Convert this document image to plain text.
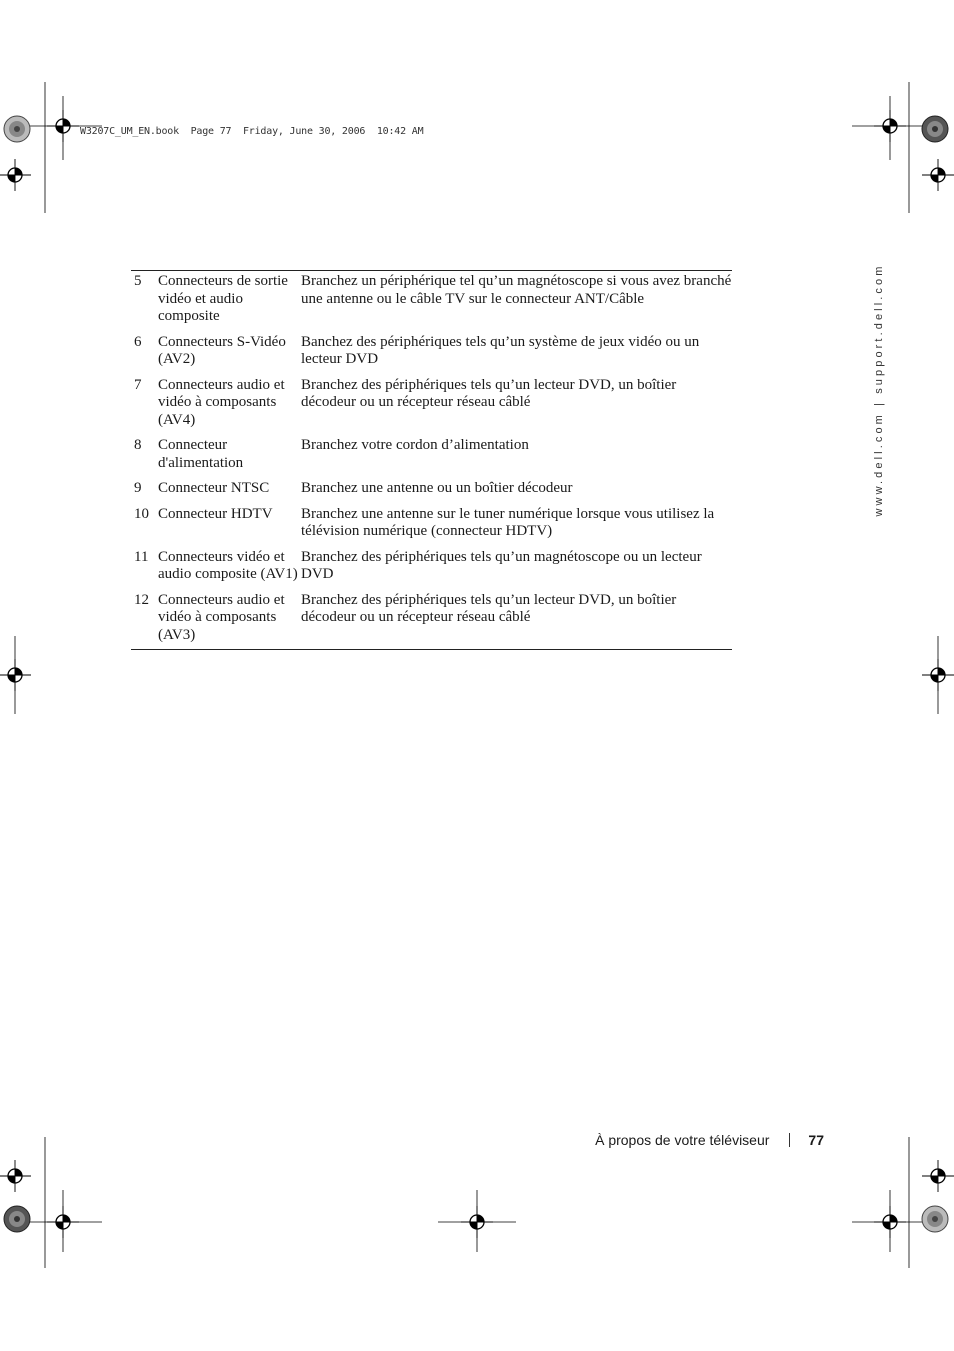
W3207C_UM_EN.book  Page 77  Friday, June 30, 2006  10:42 AM
www.dell.com | support.dell.com
5	Connecteurs de sortie vidéo et audio composite	Branchez un périphérique tel qu’un magnétoscope si vous avez branché une antenne ou le câble TV sur le connecteur ANT/Câble
6	Connecteurs S-Vidéo (AV2)	Banchez des périphériques tels qu’un système de jeux vidéo ou un lecteur DVD
7	Connecteurs audio et vidéo à composants (AV4)	Branchez des périphériques tels qu’un lecteur DVD, un boîtier décodeur ou un récepteur réseau câblé
8	Connecteur d'alimentation	Branchez votre cordon d’alimentation
9	Connecteur NTSC	Branchez une antenne ou un boîtier décodeur
10	Connecteur HDTV	Branchez une antenne sur le tuner numérique lorsque vous utilisez la télévision numérique (connecteur HDTV)
11	Connecteurs vidéo et audio composite (AV1)	Branchez des périphériques tels qu’un magnétoscope ou un lecteur DVD
12	Connecteurs audio et vidéo à composants (AV3)	Branchez des périphériques tels qu’un lecteur DVD, un boîtier décodeur ou un récepteur réseau câblé
À propos de votre téléviseur	77
